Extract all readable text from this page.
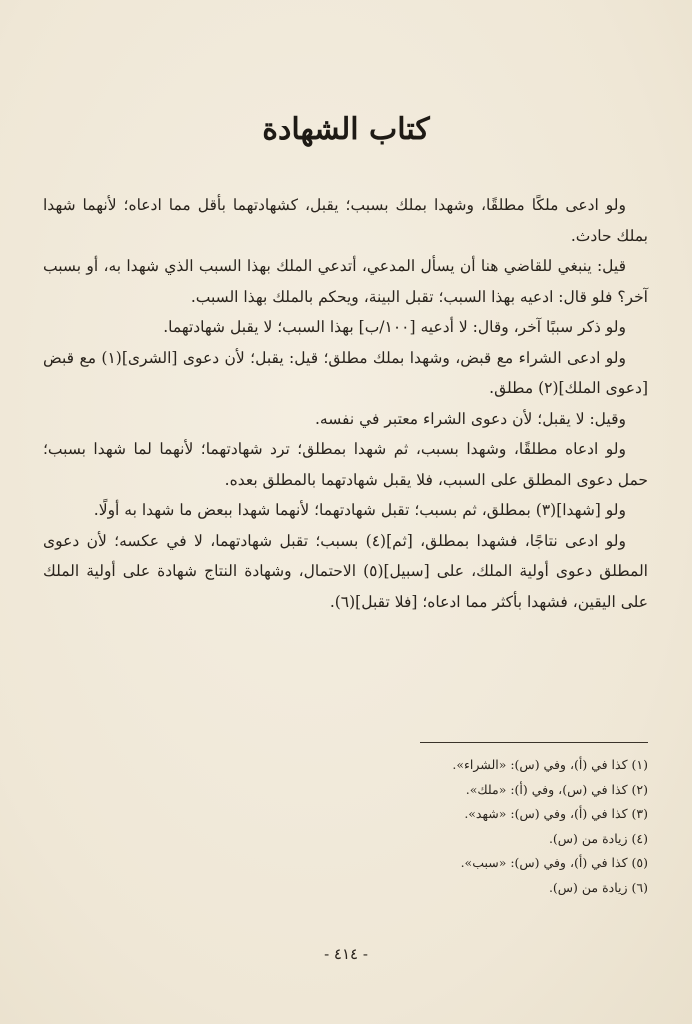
كتاب الشهادة

ولو ادعى ملكًا مطلقًا، وشهدا بملك بسبب؛ يقبل، كشهادتهما بأقل مما ادعاه؛ لأنهما شهدا بملك حادث.

قيل: ينبغي للقاضي هنا أن يسأل المدعي، أتدعي الملك بهذا السبب الذي شهدا به، أو بسبب آخر؟ فلو قال: ادعيه بهذا السبب؛ تقبل البينة، ويحكم بالملك بهذا السبب.

ولو ذكر سببًا آخر، وقال: لا أدعيه [١٠٠/ب] بهذا السبب؛ لا يقبل شهادتهما.

ولو ادعى الشراء مع قبض، وشهدا بملك مطلق؛ قيل: يقبل؛ لأن دعوى [الشرى](١) مع قبض [دعوى الملك](٢) مطلق.

وقيل: لا يقبل؛ لأن دعوى الشراء معتبر في نفسه.

ولو ادعاه مطلقًا، وشهدا بسبب، ثم شهدا بمطلق؛ ترد شهادتهما؛ لأنهما لما شهدا بسبب؛ حمل دعوى المطلق على السبب، فلا يقبل شهادتهما بالمطلق بعده.

ولو [شهدا](٣) بمطلق، ثم بسبب؛ تقبل شهادتهما؛ لأنهما شهدا ببعض ما شهدا به أولًا.

ولو ادعى نتاجًا، فشهدا بمطلق، [ثم](٤) بسبب؛ تقبل شهادتهما، لا في عكسه؛ لأن دعوى المطلق دعوى أولية الملك، على [سبيل](٥) الاحتمال، وشهادة النتاج شهادة على أولية الملك على اليقين، فشهدا بأكثر مما ادعاه؛ [فلا تقبل](٦).

(١) كذا في (أ)، وفي (س): «الشراء».

(٢) كذا في (س)، وفي (أ): «ملك».

(٣) كذا في (أ)، وفي (س): «شهد».

(٤) زيادة من (س).

(٥) كذا في (أ)، وفي (س): «سبب».

(٦) زيادة من (س).

- ٤١٤ -
